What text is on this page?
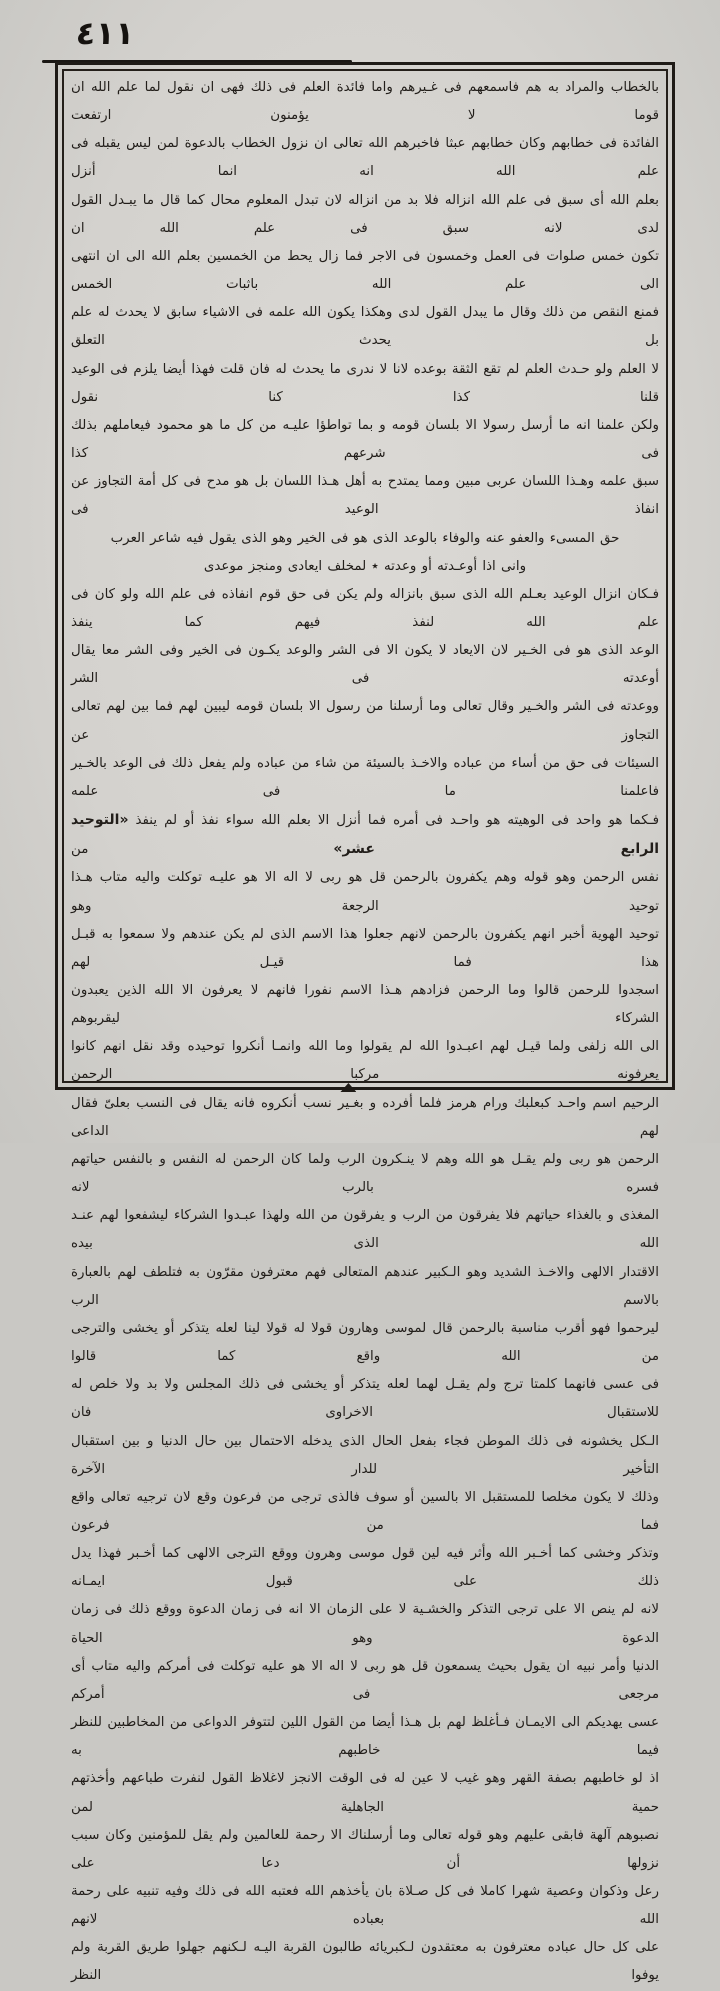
٤١١

بالخطاب والمراد به هم فاسمعهم فى غـيرهم واما فائدة العلم فى ذلك فهى ان نقول لما علم الله ان قوما لا يؤمنون ارتفعت

الفائدة فى خطابهم وكان خطابهم عبثا فاخبرهم الله تعالى ان نزول الخطاب بالدعوة لمن ليس يقبله فى علم الله انه انما أنزل

بعلم الله أى سبق فى علم الله انزاله فلا بد من انزاله لان تبدل المعلوم محال كما قال ما يبـدل القول لدى لانه سبق فى علم الله ان

تكون خمس صلوات فى العمل وخمسون فى الاجر فما زال يحط من الخمسين بعلم الله الى ان انتهى الى علم الله باثبات الخمس

فمنع النقص من ذلك وقال ما يبدل القول لدى وهكذا يكون الله علمه فى الاشياء سابق لا يحدث له علم بل يحدث التعلق

لا العلم ولو حـدث العلم لم تقع الثقة بوعده لانا لا ندرى ما يحدث له فان قلت فهذا أيضا يلزم فى الوعيد قلنا كذا كنا نقول

ولكن علمنا انه ما أرسل رسولا الا بلسان قومه و بما تواطؤا عليـه من كل ما هو محمود فيعاملهم بذلك فى شرعهم كذا

سبق علمه وهـذا اللسان عربى مبين ومما يمتدح به أهل هـذا اللسان بل هو مدح فى كل أمة التجاوز عن انفاذ الوعيد فى

حق المسىء والعفو عنه والوفاء بالوعد الذى هو فى الخير وهو الذى يقول فيه شاعر العرب

وانى اذا أوعـدته أو وعدته ٭ لمخلف ايعادى ومنجز موعدى

فـكان انزال الوعيد بعـلم الله الذى سبق بانزاله ولم يكن فى حق قوم انفاذه فى علم الله ولو كان فى علم الله لنفذ فيهم كما ينفذ

الوعد الذى هو فى الخـير لان الايعاد لا يكون الا فى الشر والوعد يكـون فى الخير وفى الشر معا يقال أوعدته فى الشر

ووعدته فى الشر والخـير وقال تعالى وما أرسلنا من رسول الا بلسان قومه ليبين لهم فما بين لهم تعالى التجاوز عن

السيئات فى حق من أساء من عباده والاخـذ بالسيئة من شاء من عباده ولم يفعل ذلك فى الوعد بالخـير فاعلمنا ما فى علمه

فـكما هو واحد فى الوهيته هو واحـد فى أمره فما أنزل الا بعلم الله سواء نفذ أو لم ينفذ «التوحيد الرابع عشر» من

نفس الرحمن وهو قوله وهم يكفرون بالرحمن قل هو ربى لا اله الا هو عليـه توكلت واليه متاب هـذا توحيد الرجعة وهو

توحيد الهوية أخبر انهم يكفرون بالرحمن لانهم جعلوا هذا الاسم الذى لم يكن عندهم ولا سمعوا به قبـل هذا فما قيـل لهم

اسجدوا للرحمن قالوا وما الرحمن فزادهم هـذا الاسم نفورا فانهم لا يعرفون الا الله الذين يعبدون الشركاء ليقربوهم

الى الله زلفى ولما قيـل لهم اعبـدوا الله لم يقولوا وما الله وانمـا أنكروا توحيده وقد نقل انهم كانوا يعرفونه مركبا الرحمن

الرحيم اسم واحـد كبعلبك ورام هرمز فلما أفرده و بغـير نسب أنكروه فانه يقال فى النسب بعلىّ فقال لهم الداعى

الرحمن هو ربى ولم يقـل هو الله وهم لا ينـكرون الرب ولما كان الرحمن له النفس و بالنفس حياتهم فسره بالرب لانه

المغذى و بالغذاء حياتهم فلا يفرقون من الرب و يفرقون من الله ولهذا عبـدوا الشركاء ليشفعوا لهم عنـد الله الذى بيده

الاقتدار الالهى والاخـذ الشديد وهو الـكبير عندهم المتعالى فهم معترفون مقرّون به فتلطف لهم بالعبارة بالاسم الرب

ليرحموا فهو أقرب مناسبة بالرحمن قال لموسى وهارون قولا له قولا لينا لعله يتذكر أو يخشى والترجى من الله واقع كما قالوا

فى عسى فانهما كلمتا ترج ولم يقـل لهما لعله يتذكر أو يخشى فى ذلك المجلس ولا بد ولا خلص له للاستقبال الاخراوى فان

الـكل يخشونه فى ذلك الموطن فجاء بفعل الحال الذى يدخله الاحتمال بين حال الدنيا و بين استقبال التأخير للدار الآخرة

وذلك لا يكون مخلصا للمستقبل الا بالسين أو سوف فالذى ترجى من فرعون وقع لان ترجيه تعالى واقع فما من فرعون

وتذكر وخشى كما أخـبر الله وأثر فيه لين قول موسى وهرون ووقع الترجى الالهى كما أخـبر فهذا يدل ذلك على قبول ايمـانه

لانه لم ينص الا على ترجى التذكر والخشـية لا على الزمان الا انه فى زمان الدعوة ووقع ذلك فى زمان الدعوة وهو الحياة

الدنيا وأمر نبيه ان يقول بحيث يسمعون قل هو ربى لا اله الا هو عليه توكلت فى أمركم واليه متاب أى مرجعى فى أمركم

عسى يهديكم الى الايمـان فـأغلظ لهم بل هـذا أيضا من القول اللين لتتوفر الدواعى من المخاطبين للنظر فيما خاطبهم به

اذ لو خاطبهم بصفة القهر وهو غيب لا عين له فى الوقت الانجز لاغلاظ القول لنفرت طباعهم وأخذتهم حمية الجاهلية لمن

نصبوهم آلهة فابقى عليهم وهو قوله تعالى وما أرسلناك الا رحمة للعالمين ولم يقل للمؤمنين وكان سبب نزولها أن دعا على

رعل وذكوان وعصية شهرا كاملا فى كل صـلاة بان يأخذهم الله فعتبه الله فى ذلك وفيه تنبيه على رحمة الله بعباده لانهم

على كل حال عباده معترفون به معتقدون لـكبريائه طالبون القربة اليـه لـكنهم جهلوا طريق القربة ولم يوفوا النظر
